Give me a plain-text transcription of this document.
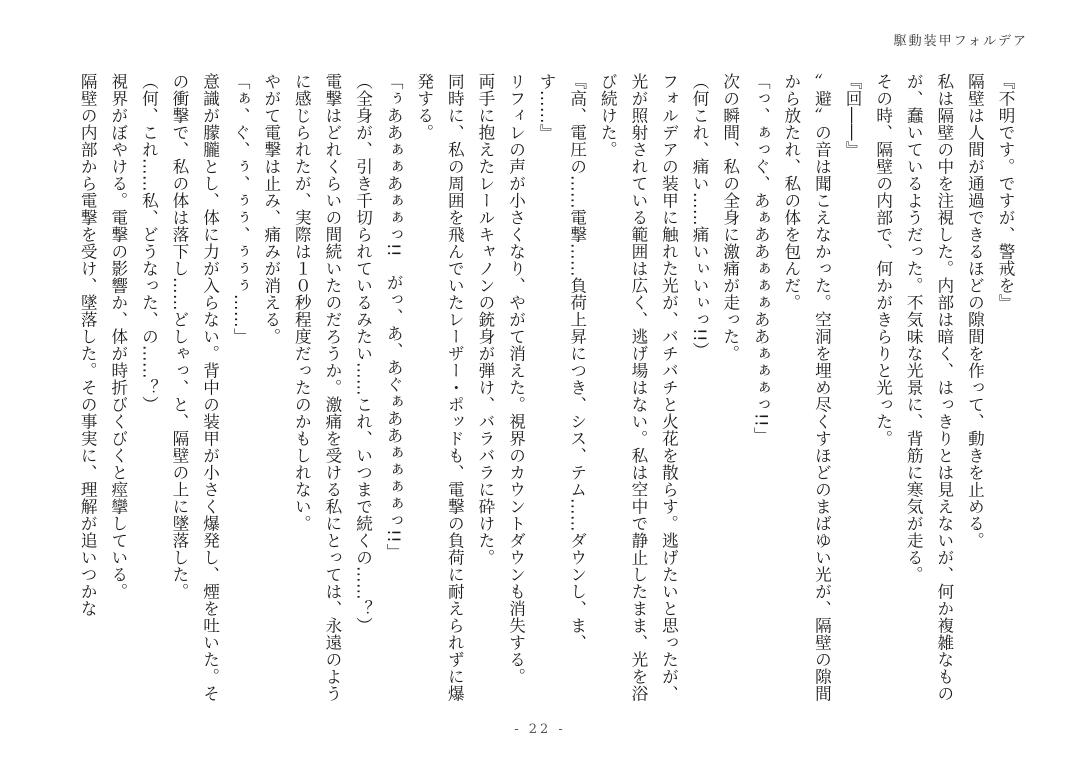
駆動装甲フォルデア

『不明です。ですが、警戒を』

隔壁は人間が通過できるほどの隙間を作って、動きを止める。

私は隔壁の中を注視した。内部は暗く、はっきりとは見えないが、何か複雑なものが、蠢いているようだった。不気味な光景に、背筋に寒気が走る。

その時、隔壁の内部で、何かがきらりと光った。

『回――』

〟避〟の音は聞こえなかった。空洞を埋め尽くすほどのまばゆい光が、隔壁の隙間から放たれ、私の体を包んだ。

「っ、ぁっぐ、あぁああぁぁぁああぁぁぁっ!!」

次の瞬間、私の全身に激痛が走った。

（何これ、痛い……痛いぃいぃっ!!）

フォルデアの装甲に触れた光が、バチバチと火花を散らす。逃げたいと思ったが、光が照射されている範囲は広く、逃げ場はない。私は空中で静止したまま、光を浴び続けた。

『高、電圧の……電撃……負荷上昇につき、シス、テム……ダウンし、ま、す……』

リフィレの声が小さくなり、やがて消えた。視界のカウントダウンも消失する。

両手に抱えたレールキャノンの銃身が弾け、バラバラに砕けた。

同時に、私の周囲を飛んでいたレーザー・ポッドも、電撃の負荷に耐えられずに爆発する。

「ぅああぁぁあぁぁっ!!　がっ、あ、あぐぁああぁぁぁぁっ!!」

（全身が、引き千切られているみたい……これ、いつまで続くの……？）

電撃はどれくらいの間続いたのだろうか。激痛を受ける私にとっては、永遠のように感じられたが、実際は１０秒程度だったのかもしれない。

やがて電撃は止み、痛みが消える。

「ぁ、ぐ、ぅ、ぅぅ、ぅぅぅ……」

意識が朦朧とし、体に力が入らない。背中の装甲が小さく爆発し、煙を吐いた。その衝撃で、私の体は落下し……どしゃっ、と、隔壁の上に墜落した。

（何、これ……私、どうなった、の……？）

視界がぼやける。電撃の影響か、体が時折びくびくと痙攣している。

隔壁の内部から電撃を受け、墜落した。その事実に、理解が追いつかな

- 22 -
